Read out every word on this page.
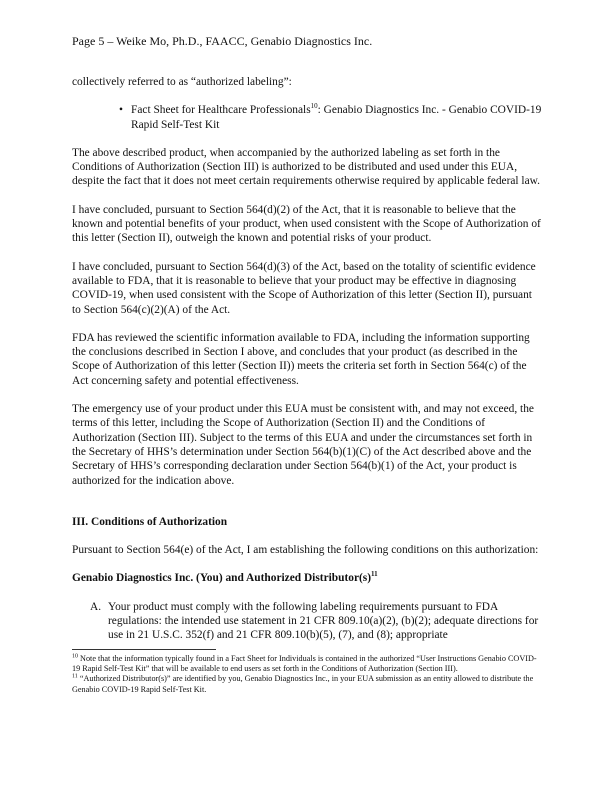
Page 5 – Weike Mo, Ph.D., FAACC, Genabio Diagnostics Inc.

collectively referred to as “authorized labeling”:

• Fact Sheet for Healthcare Professionals$^{10}$: Genabio Diagnostics Inc. - Genabio COVID-19 Rapid Self-Test Kit

The above described product, when accompanied by the authorized labeling as set forth in the Conditions of Authorization (Section III) is authorized to be distributed and used under this EUA, despite the fact that it does not meet certain requirements otherwise required by applicable federal law.

I have concluded, pursuant to Section 564(d)(2) of the Act, that it is reasonable to believe that the known and potential benefits of your product, when used consistent with the Scope of Authorization of this letter (Section II), outweigh the known and potential risks of your product.

I have concluded, pursuant to Section 564(d)(3) of the Act, based on the totality of scientific evidence available to FDA, that it is reasonable to believe that your product may be effective in diagnosing COVID-19, when used consistent with the Scope of Authorization of this letter (Section II), pursuant to Section 564(c)(2)(A) of the Act.

FDA has reviewed the scientific information available to FDA, including the information supporting the conclusions described in Section I above, and concludes that your product (as described in the Scope of Authorization of this letter (Section II)) meets the criteria set forth in Section 564(c) of the Act concerning safety and potential effectiveness.

The emergency use of your product under this EUA must be consistent with, and may not exceed, the terms of this letter, including the Scope of Authorization (Section II) and the Conditions of Authorization (Section III). Subject to the terms of this EUA and under the circumstances set forth in the Secretary of HHS’s determination under Section 564(b)(1)(C) of the Act described above and the Secretary of HHS’s corresponding declaration under Section 564(b)(1) of the Act, your product is authorized for the indication above.

III. Conditions of Authorization

Pursuant to Section 564(e) of the Act, I am establishing the following conditions on this authorization:

Genabio Diagnostics Inc. (You) and Authorized $Distributor(s)^{11}$
A. Your product must comply with the following labeling requirements pursuant to FDA regulations: the intended use statement in 21 CFR 809.10(a)(2), (b)(2); adequate directions for use in 21 U.S.C. 352(f) and 21 CFR 809.10(b)(5), (7), and (8); appropriate

$^{10}$ Note that the information typically found in a Fact Sheet for Individuals is contained in the authorized “User Instructions Genabio COVID-19 Rapid Self-Test Kit” that will be available to end users as set forth in the Conditions of Authorization (Section III).

$^{11}$ “Authorized Distributor(s)” are identified by you, Genabio Diagnostics Inc., in your EUA submission as an entity allowed to distribute the Genabio COVID-19 Rapid Self-Test Kit.
